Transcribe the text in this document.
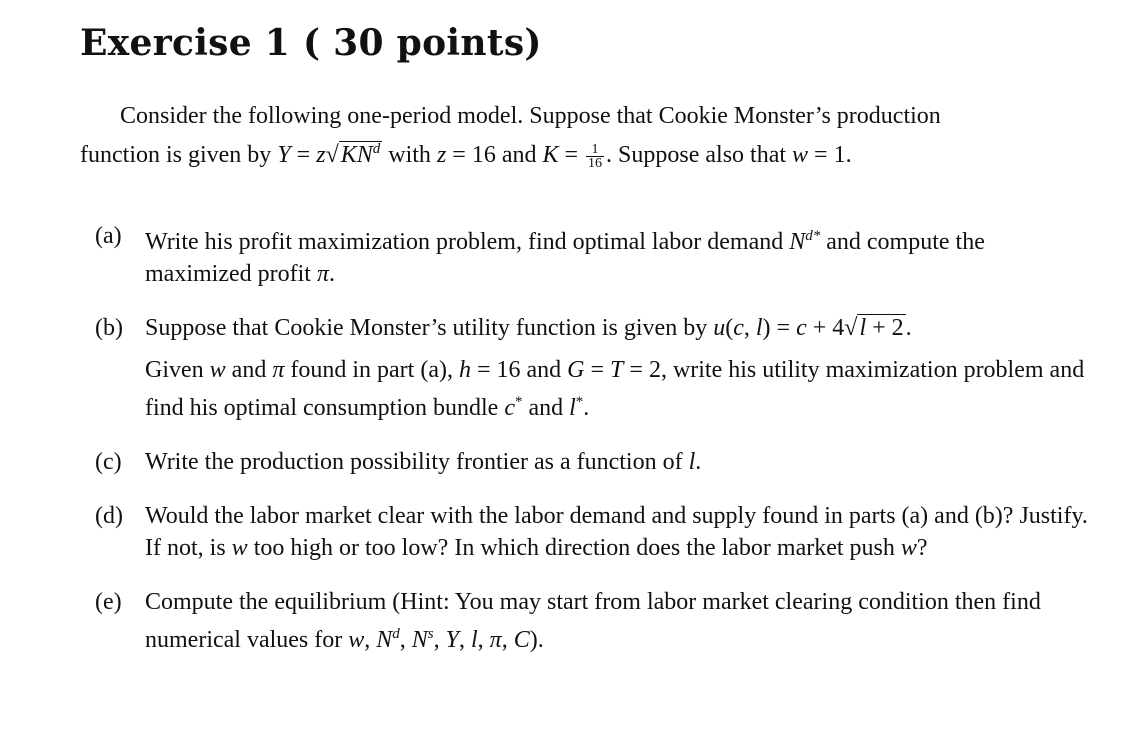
Exercise 1 ( 30 points)
Consider the following one-period model. Suppose that Cookie Monster’s production
function is given by $Y = z√KN^d$ with z = 16 and $K = \frac{1}{16}$ . Suppose also that w = 1.
(a) Write his profit maximization problem, find optimal labor demand $N^{d*}$ and compute the maximized profit π.
(b) Suppose that Cookie Monster’s utility function is given by u(c, l) = c + 4√l + 2.
Given w and π found in part (a), h = 16 and G = T = 2, write his utility maximization problem and find his optimal consumption bundle c* and l*.
(c) Write the production possibility frontier as a function of l.
(d) Would the labor market clear with the labor demand and supply found in parts (a) and (b)? Justify. If not, is w too high or too low? In which direction does the labor market push w?
(e) Compute the equilibrium (Hint: You may start from labor market clearing condition then find numerical values for w, $N^d$, $N^s$, Y, l, π, C).
